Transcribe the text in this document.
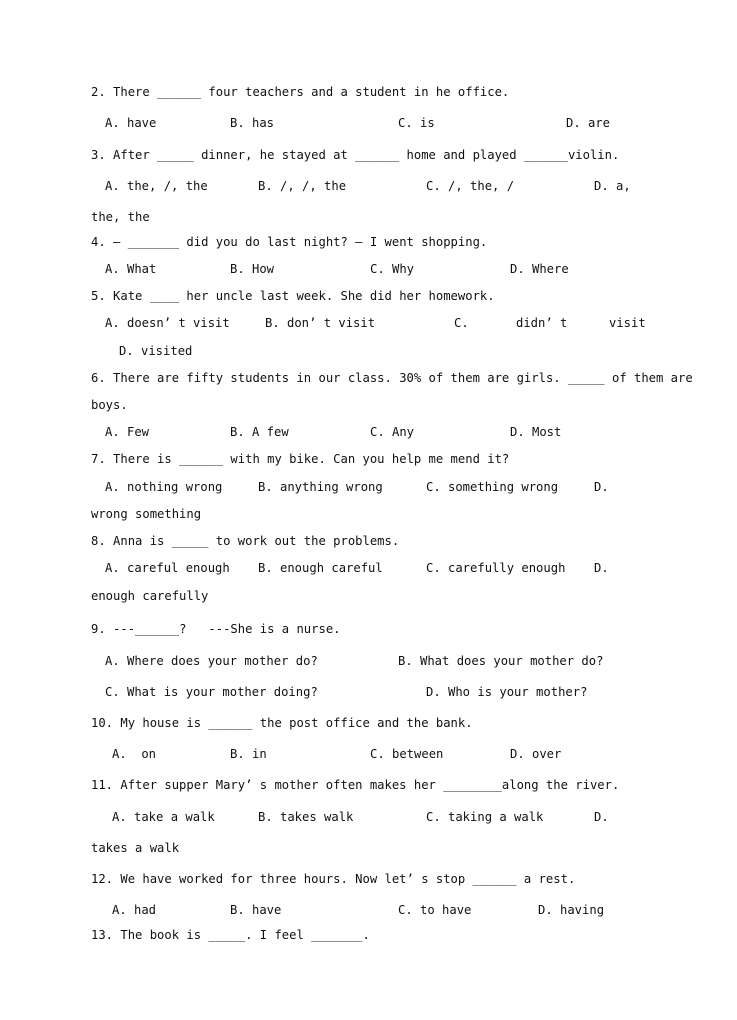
2. There ______ four teachers and a student in he office.
A. have	B. has	C. is	D. are
3. After _____ dinner, he stayed at ______ home and played ______violin.
A. the, /, the	B. /, /, the	C. /, the, /	D. a,
the, the
4. — _______ did you do last night? — I went shopping.
A. What	B. How	C. Why	D. Where
5. Kate ____ her uncle last week. She did her homework.
A. doesn’ t visit	B. don’ t visit	C.	didn’ t	visit
D. visited
6. There are fifty students in our class. 30% of them are girls. _____ of them are
boys.
A. Few	B. A few	C. Any	D. Most
7. There is ______ with my bike. Can you help me mend it?
A. nothing wrong	B. anything wrong	C. something wrong	D.
wrong something
8. Anna is _____ to work out the problems.
A. careful enough B. enough careful	C. carefully enough D.
enough carefully
9. ---______?   ---She is a nurse.
A. Where does your mother do?	B. What does your mother do?
C. What is your mother doing?	D. Who is your mother?
10. My house is ______ the post office and the bank.
A.  on	B. in	C. between	D. over
11. After supper Mary’ s mother often makes her ________along the river.
A. take a walk	B. takes walk	C. taking a walk	D.
takes a walk
12. We have worked for three hours. Now let’ s stop ______ a rest.
A. had	B. have	C. to have	D. having
13. The book is _____. I feel _______.
